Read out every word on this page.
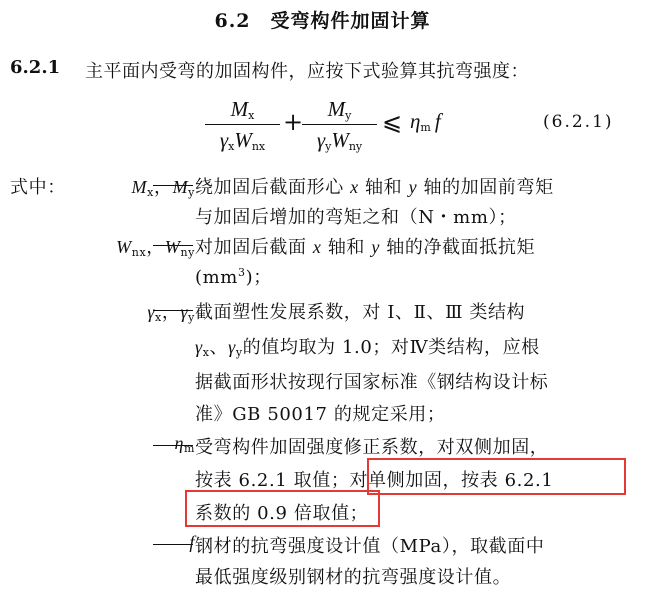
6.2　受弯构件加固计算
6.2.1 主平面内受弯的加固构件，应按下式验算其抗弯强度：
$M_x$
$\gamma_xW_{nx}$
+	$M_y$
$\gamma_yW_{ny}$
⩽ $\eta_m$ f	(6.2.1)
式中：	$M_x$，$M_y$ 绕加固后截面形心 x 轴和 y 轴的加固前弯矩
与加固后增加的弯矩之和（N・mm）；
$W_{nx}$，$W_{ny}$ 对加固后截面 x 轴和 y 轴的净截面抵抗矩
$(mm^3)$；
$\gamma_x$，$\gamma_y$ 截面塑性发展系数，对 Ⅰ、Ⅱ、Ⅲ 类结构
$\gamma_x$、$\gamma_y$的值均取为 1.0；对Ⅳ类结构，应根
据截面形状按现行国家标准《钢结构设计标
准》GB 50017 的规定采用；
$\eta_m$ 受弯构件加固强度修正系数，对双侧加固，
按表 6.2.1 取值；对单侧加固，按表 6.2.1
系数的 0.9 倍取值；
f 钢材的抗弯强度设计值（MPa），取截面中
最低强度级别钢材的抗弯强度设计值。
